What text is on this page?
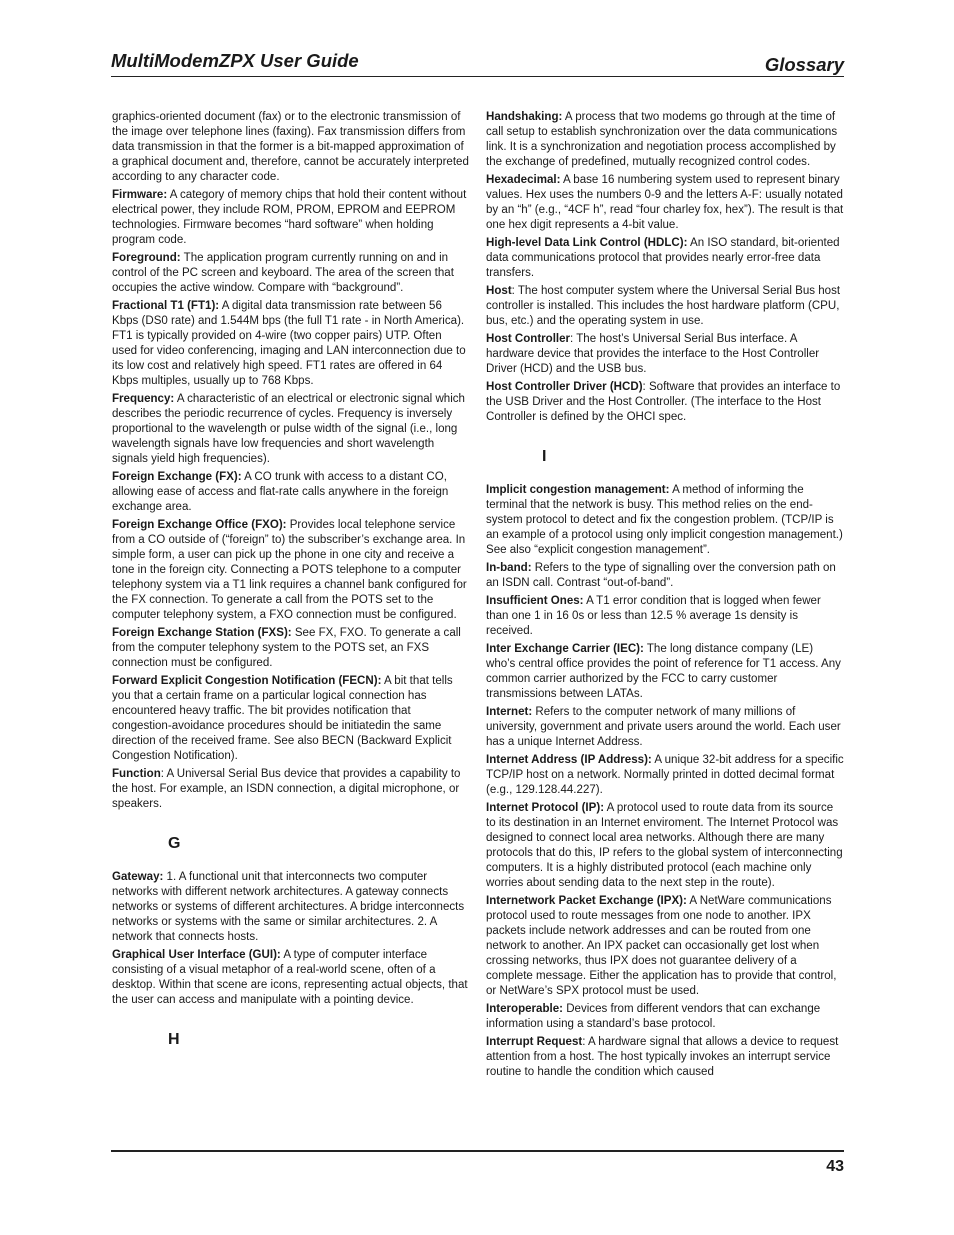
MultiModemZPX User Guide	Glossary

graphics-oriented document (fax) or to the electronic transmission of the image over telephone lines (faxing). Fax transmission differs from data transmission in that the former is a bit-mapped approximation of a graphical document and, therefore, cannot be accurately interpreted according to any character code.

Firmware: A category of memory chips that hold their content without electrical power, they include ROM, PROM, EPROM and EEPROM technologies. Firmware becomes “hard software” when holding program code.

Foreground: The application program currently running on and in control of the PC screen and keyboard. The area of the screen that occupies the active window. Compare with “background”.

Fractional T1 (FT1): A digital data transmission rate between 56 Kbps (DS0 rate) and 1.544M bps (the full T1 rate - in North America). FT1 is typically provided on 4-wire (two copper pairs) UTP. Often used for video conferencing, imaging and LAN interconnection due to its low cost and relatively high speed. FT1 rates are offered in 64 Kbps multiples, usually up to 768 Kbps.

Frequency: A characteristic of an electrical or electronic signal which describes the periodic recurrence of cycles. Frequency is inversely proportional to the wavelength or pulse width of the signal (i.e., long wavelength signals have low frequencies and short wavelength signals yield high frequencies).

Foreign Exchange (FX): A CO trunk with access to a distant CO, allowing ease of access and flat-rate calls anywhere in the foreign exchange area.

Foreign Exchange Office (FXO): Provides local telephone service from a CO outside of (“foreign” to) the subscriber’s exchange area. In simple form, a user can pick up the phone in one city and receive a tone in the foreign city. Connecting a POTS telephone to a computer telephony system via a T1 link requires a channel bank configured for the FX connection. To generate a call from the POTS set to the computer telephony system, a FXO connection must be configured.

Foreign Exchange Station (FXS): See FX, FXO. To generate a call from the computer telephony system to the POTS set, an FXS connection must be configured.

Forward Explicit Congestion Notification (FECN): A bit that tells you that a certain frame on a particular logical connection has encountered heavy traffic. The bit provides notification that congestion-avoidance procedures should be initiatedin the same direction of the received frame. See also BECN (Backward Explicit Congestion Notification).

Function: A Universal Serial Bus device that provides a capability to the host. For example, an ISDN connection, a digital microphone, or speakers.

G

Gateway: 1. A functional unit that interconnects two computer networks with different network architectures. A gateway connects networks or systems of different architectures. A bridge interconnects networks or systems with the same or similar architectures. 2. A network that connects hosts.

Graphical User Interface (GUI): A type of computer interface consisting of a visual metaphor of a real-world scene, often of a desktop. Within that scene are icons, representing actual objects, that the user can access and manipulate with a pointing device.

H

Handshaking: A process that two modems go through at the time of call setup to establish synchronization over the data communications link. It is a synchronization and negotiation process accomplished by the exchange of predefined, mutually recognized control codes.

Hexadecimal: A base 16 numbering system used to represent binary values. Hex uses the numbers 0-9 and the letters A-F: usually notated by an “h” (e.g., “4CF h”, read “four charley fox, hex”). The result is that one hex digit represents a 4-bit value.

High-level Data Link Control (HDLC): An ISO standard, bit-oriented data communications protocol that provides nearly error-free data transfers.

Host: The host computer system where the Universal Serial Bus host controller is installed. This includes the host hardware platform (CPU, bus, etc.) and the operating system in use.

Host Controller: The host’s Universal Serial Bus interface. A hardware device that provides the interface to the Host Controller Driver (HCD) and the USB bus.

Host Controller Driver (HCD): Software that provides an interface to the USB Driver and the Host Controller. (The interface to the Host Controller is defined by the OHCI spec.

I

Implicit congestion management: A method of informing the terminal that the network is busy. This method relies on the end-system protocol to detect and fix the congestion problem. (TCP/IP is an example of a protocol using only implicit congestion management.) See also “explicit congestion management”.

In-band: Refers to the type of signalling over the conversion path on an ISDN call. Contrast “out-of-band”.

Insufficient Ones: A T1 error condition that is logged when fewer than one 1 in 16 0s or less than 12.5 % average 1s density is received.

Inter Exchange Carrier (IEC): The long distance company (LE) who’s central office provides the point of reference for T1 access. Any common carrier authorized by the FCC to carry customer transmissions between LATAs.

Internet: Refers to the computer network of many millions of university, government and private users around the world. Each user has a unique Internet Address.

Internet Address (IP Address): A unique 32-bit address for a specific TCP/IP host on a network. Normally printed in dotted decimal format (e.g., 129.128.44.227).

Internet Protocol (IP): A protocol used to route data from its source to its destination in an Internet enviroment. The Internet Protocol was designed to connect local area networks. Although there are many protocols that do this, IP refers to the global system of interconnecting computers. It is a highly distributed protocol (each machine only worries about sending data to the next step in the route).

Internetwork Packet Exchange (IPX): A NetWare communications protocol used to route messages from one node to another. IPX packets include network addresses and can be routed from one network to another. An IPX packet can occasionally get lost when crossing networks, thus IPX does not guarantee delivery of a complete message. Either the application has to provide that control, or NetWare’s SPX protocol must be used.

Interoperable: Devices from different vendors that can exchange information using a standard’s base protocol.

Interrupt Request: A hardware signal that allows a device to request attention from a host. The host typically invokes an interrupt service routine to handle the condition which caused

43
